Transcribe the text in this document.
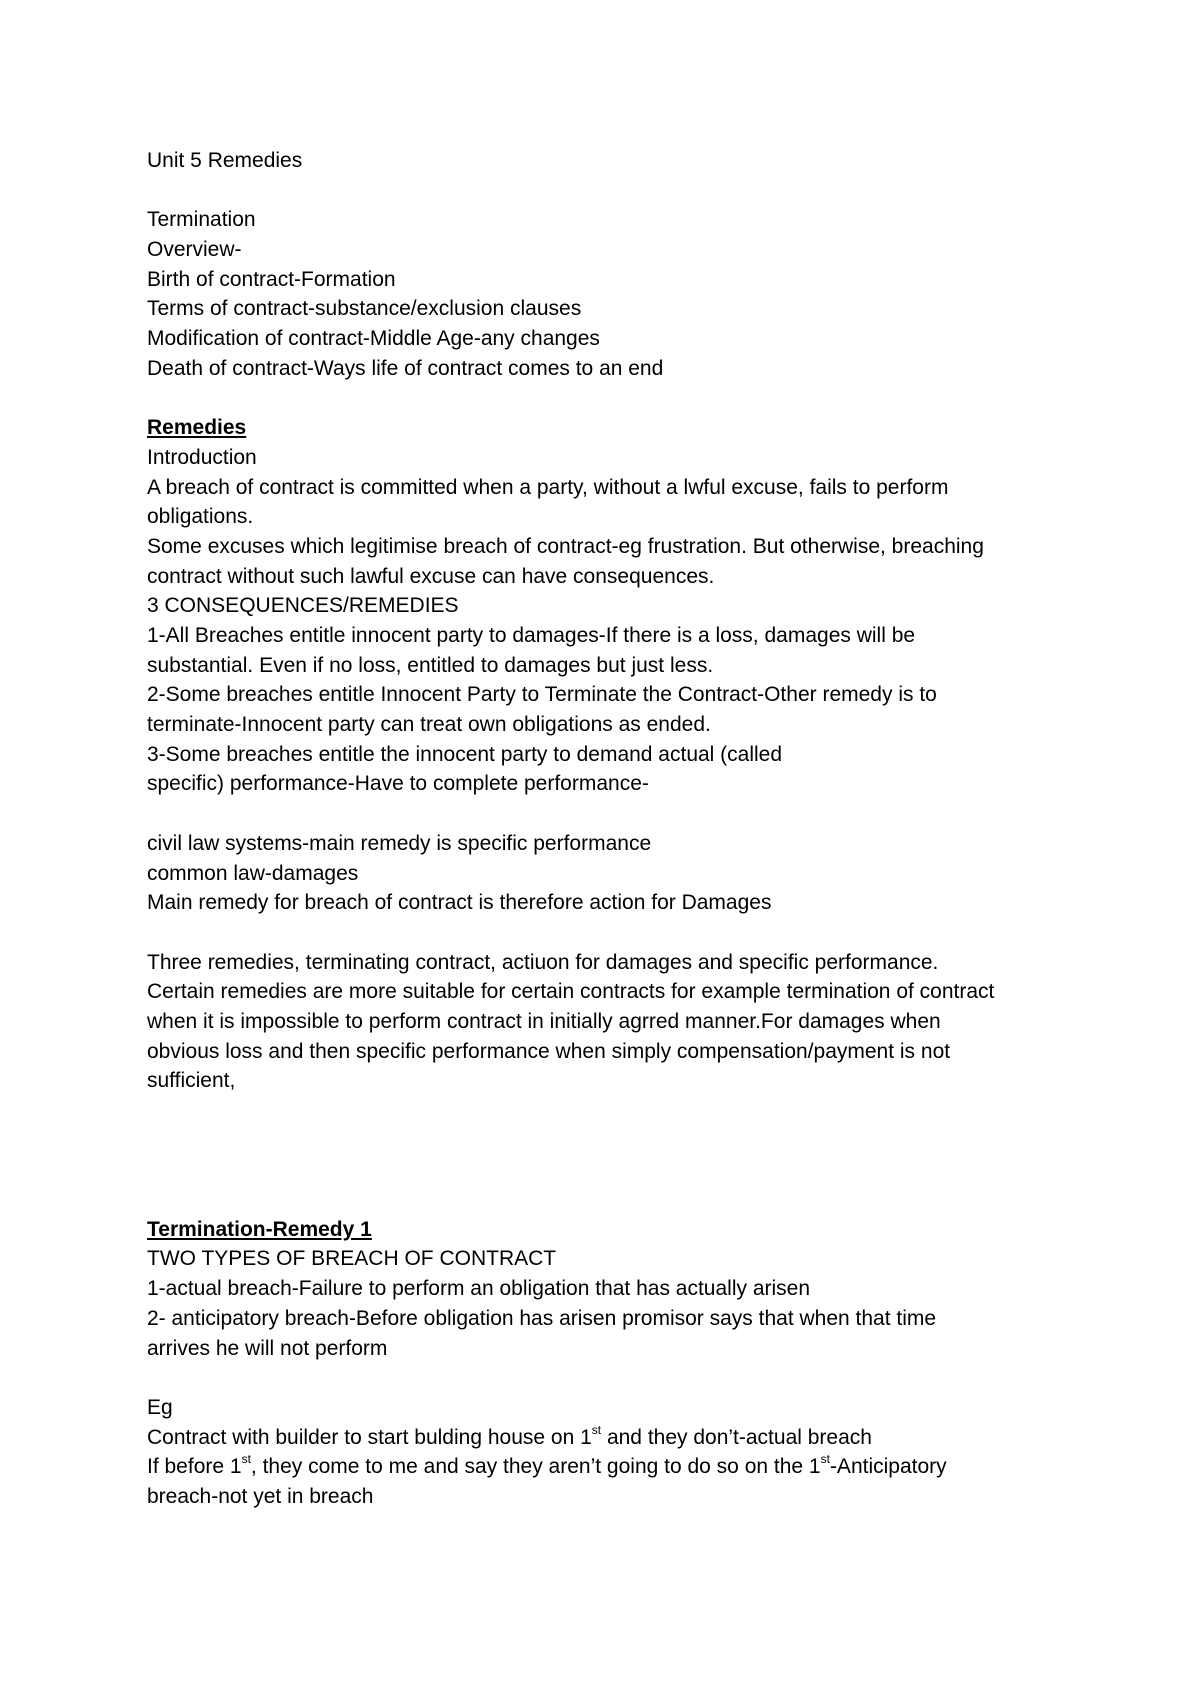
Unit 5 Remedies
Termination
Overview-
Birth of contract-Formation
Terms of contract-substance/exclusion clauses
Modification of contract-Middle Age-any changes
Death of contract-Ways life of contract comes to an end
Remedies
Introduction
A breach of contract is committed when a party, without a lwful excuse, fails to perform
obligations.
Some excuses which legitimise breach of contract-eg frustration. But otherwise, breaching
contract without such lawful excuse can have consequences.
3 CONSEQUENCES/REMEDIES
1-All Breaches entitle innocent party to damages-If there is a loss, damages will be
substantial. Even if no loss, entitled to damages but just less.
2-Some breaches entitle Innocent Party to Terminate the Contract-Other remedy is to
terminate-Innocent party can treat own obligations as ended.
3-Some breaches entitle the innocent party to demand actual (called
specific) performance-Have to complete performance-
civil law systems-main remedy is specific performance
common law-damages
Main remedy for breach of contract is therefore action for Damages
Three remedies, terminating contract, actiuon for damages and specific performance.
Certain remedies are more suitable for certain contracts for example termination of contract
when it is impossible to perform contract in initially agrred manner.For damages when
obvious loss and then specific performance when simply compensation/payment is not
sufficient,
Termination-Remedy 1
TWO TYPES OF BREACH OF CONTRACT
1-actual breach-Failure to perform an obligation that has actually arisen
2- anticipatory breach-Before obligation has arisen promisor says that when that time
arrives he will not perform
Eg
Contract with builder to start bulding house on 1st and they don’t-actual breach
If before 1st, they come to me and say they aren’t going to do so on the 1st-Anticipatory
breach-not yet in breach
